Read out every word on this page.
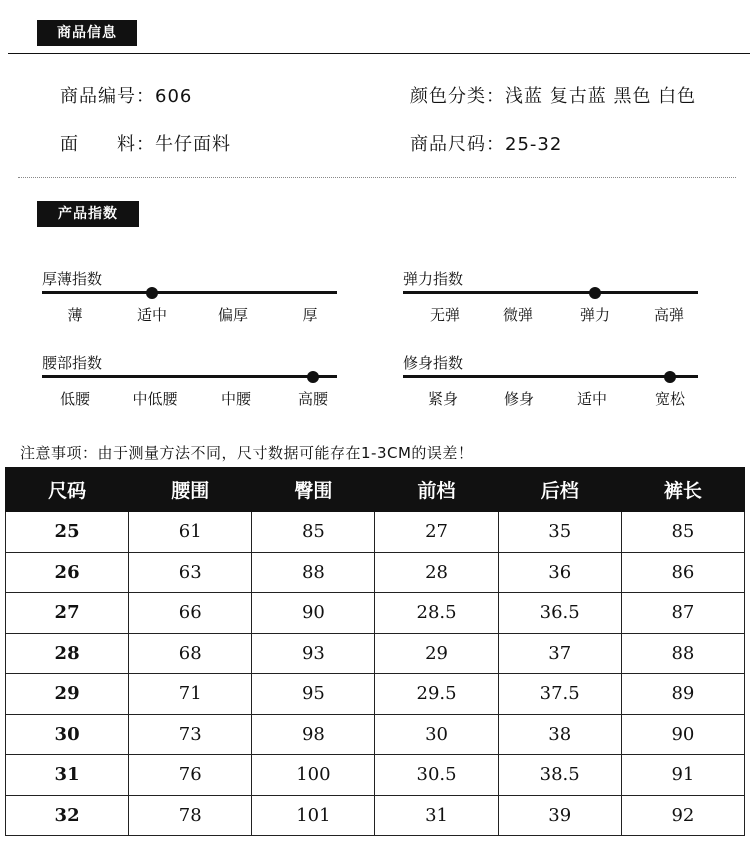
商品信息
商品编号：606	颜色分类：浅蓝 复古蓝 黑色 白色
面 料：牛仔面料	商品尺码：25-32
产品指数
厚薄指数
薄	适中	偏厚	厚
弹力指数
无弹	微弹	弹力	高弹
腰部指数
低腰	中低腰	中腰	高腰
修身指数
紧身	修身	适中	宽松
注意事项：由于测量方法不同，尺寸数据可能存在1-3CM的误差！
尺码	腰围	臀围	前档	后档	裤长
25	61	85	27	35	85
26	63	88	28	36	86
27	66	90	28.5	36.5	87
28	68	93	29	37	88
29	71	95	29.5	37.5	89
30	73	98	30	38	90
31	76	100	30.5	38.5	91
32	78	101	31	39	92
